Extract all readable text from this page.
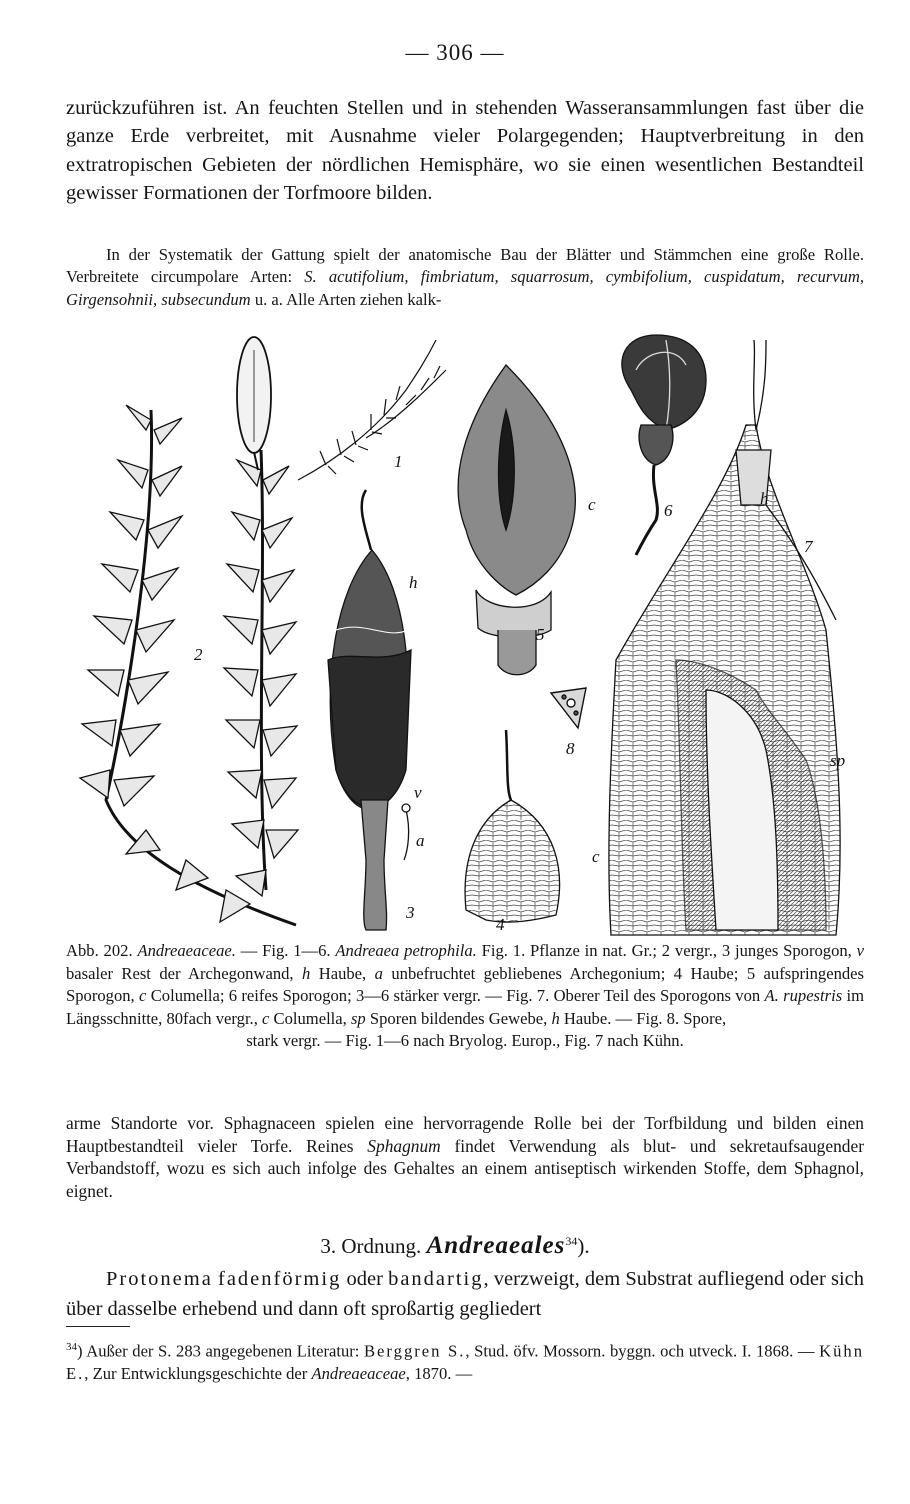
— 306 —

zurückzuführen ist. An feuchten Stellen und in stehenden Wasseransammlungen fast über die ganze Erde verbreitet, mit Ausnahme vieler Polargegenden; Hauptverbreitung in den extratropischen Gebieten der nördlichen Hemisphäre, wo sie einen wesentlichen Bestandteil gewisser Formationen der Torfmoore bilden.

In der Systematik der Gattung spielt der anatomische Bau der Blätter und Stämmchen eine große Rolle. Verbreitete circumpolare Arten: S. acutifolium, fimbriatum, squarrosum, cymbifolium, cuspidatum, recurvum, Girgensohnii, subsecundum u. a. Alle Arten ziehen kalk-

1
2
3
4
5
6
7
8
h
h
v
a
c
c
sp

Abb. 202. Andreaeaceae. — Fig. 1—6. Andreaea petrophila. Fig. 1. Pflanze in nat. Gr.; 2 vergr., 3 junges Sporogon, v basaler Rest der Archegonwand, h Haube, a unbefruchtet gebliebenes Archegonium; 4 Haube; 5 aufspringendes Sporogon, c Columella; 6 reifes Sporogon; 3—6 stärker vergr. — Fig. 7. Oberer Teil des Sporogons von A. rupestris im Längsschnitte, 80fach vergr., c Columella, sp Sporen bildendes Gewebe, h Haube. — Fig. 8. Spore,
stark vergr. — Fig. 1—6 nach Bryolog. Europ., Fig. 7 nach Kühn.

arme Standorte vor. Sphagnaceen spielen eine hervorragende Rolle bei der Torfbildung und bilden einen Hauptbestandteil vieler Torfe. Reines Sphagnum findet Verwendung als blut- und sekretaufsaugender Verbandstoff, wozu es sich auch infolge des Gehaltes an einem antiseptisch wirkenden Stoffe, dem Sphagnol, eignet.

3. Ordnung. Andreaeales$^{34}$).

Protonema fadenförmig oder bandartig, verzweigt, dem Substrat aufliegend oder sich über dasselbe erhebend und dann oft sproßartig gegliedert

$^{34}$) Außer der S. 283 angegebenen Literatur: Berggren S., Stud. öfv. Mossorn. byggn. och utveck. I. 1868. — Kühn E., Zur Entwicklungsgeschichte der Andreaeaceae, 1870. —
